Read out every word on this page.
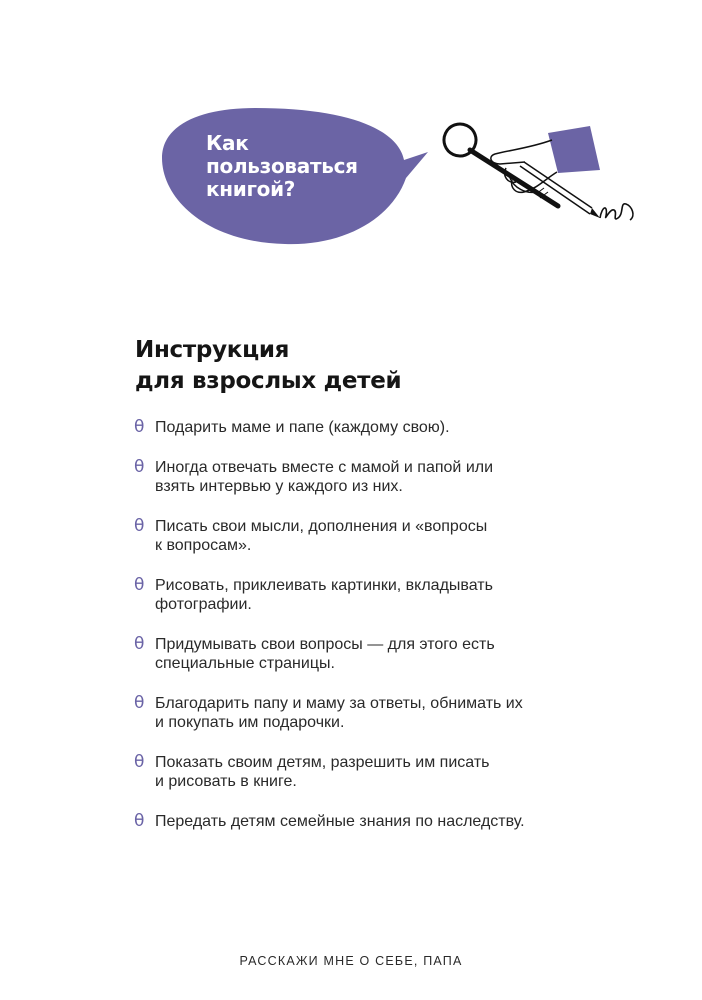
Как
пользоваться
книгой?
Инструкция
для взрослых детей
θ Подарить маме и папе (каждому свою).
θ Иногда отвечать вместе с мамой и папой или
взять интервью у каждого из них.
θ Писать свои мысли, дополнения и «вопросы
к вопросам».
θ Рисовать, приклеивать картинки, вкладывать
фотографии.
θ Придумывать свои вопросы — для этого есть
специальные страницы.
θ Благодарить папу и маму за ответы, обнимать их
и покупать им подарочки.
θ Показать своим детям, разрешить им писать
и рисовать в книге.
θ Передать детям семейные знания по наследству.
РАССКАЖИ МНЕ О СЕБЕ, ПАПА
